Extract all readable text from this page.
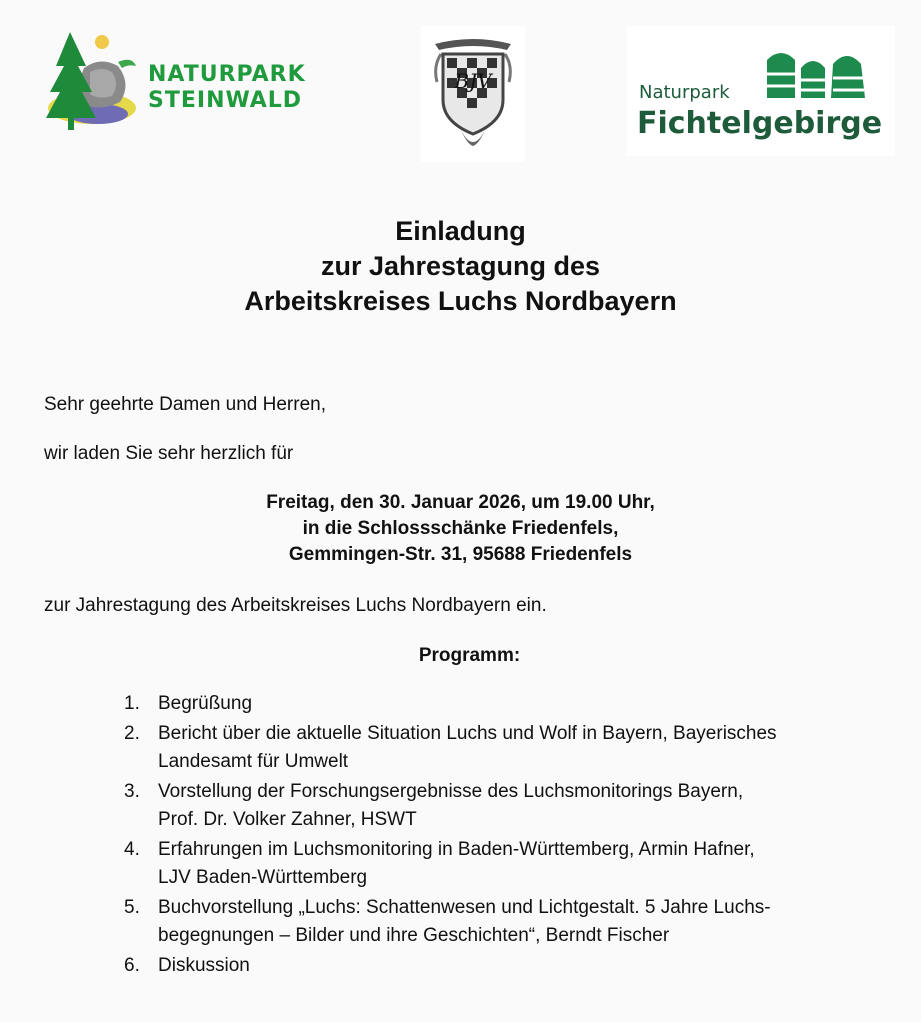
NATURPARK
STEINWALD
BJV	Naturpark
Fichtelgebirge
Einladung
zur Jahrestagung des
Arbeitskreises Luchs Nordbayern
Sehr geehrte Damen und Herren,
wir laden Sie sehr herzlich für
Freitag, den 30. Januar 2026, um 19.00 Uhr,
in die Schlossschänke Friedenfels,
Gemmingen-Str. 31, 95688 Friedenfels
zur Jahrestagung des Arbeitskreises Luchs Nordbayern ein.
Programm:
1. Begrüßung
2. Bericht über die aktuelle Situation Luchs und Wolf in Bayern, Bayerisches
Landesamt für Umwelt
3. Vorstellung der Forschungsergebnisse des Luchsmonitorings Bayern,
Prof. Dr. Volker Zahner, HSWT
4. Erfahrungen im Luchsmonitoring in Baden-Württemberg, Armin Hafner,
LJV Baden-Württemberg
5. Buchvorstellung „Luchs: Schattenwesen und Lichtgestalt. 5 Jahre Luchs-
begegnungen – Bilder und ihre Geschichten“, Berndt Fischer
6. Diskussion
